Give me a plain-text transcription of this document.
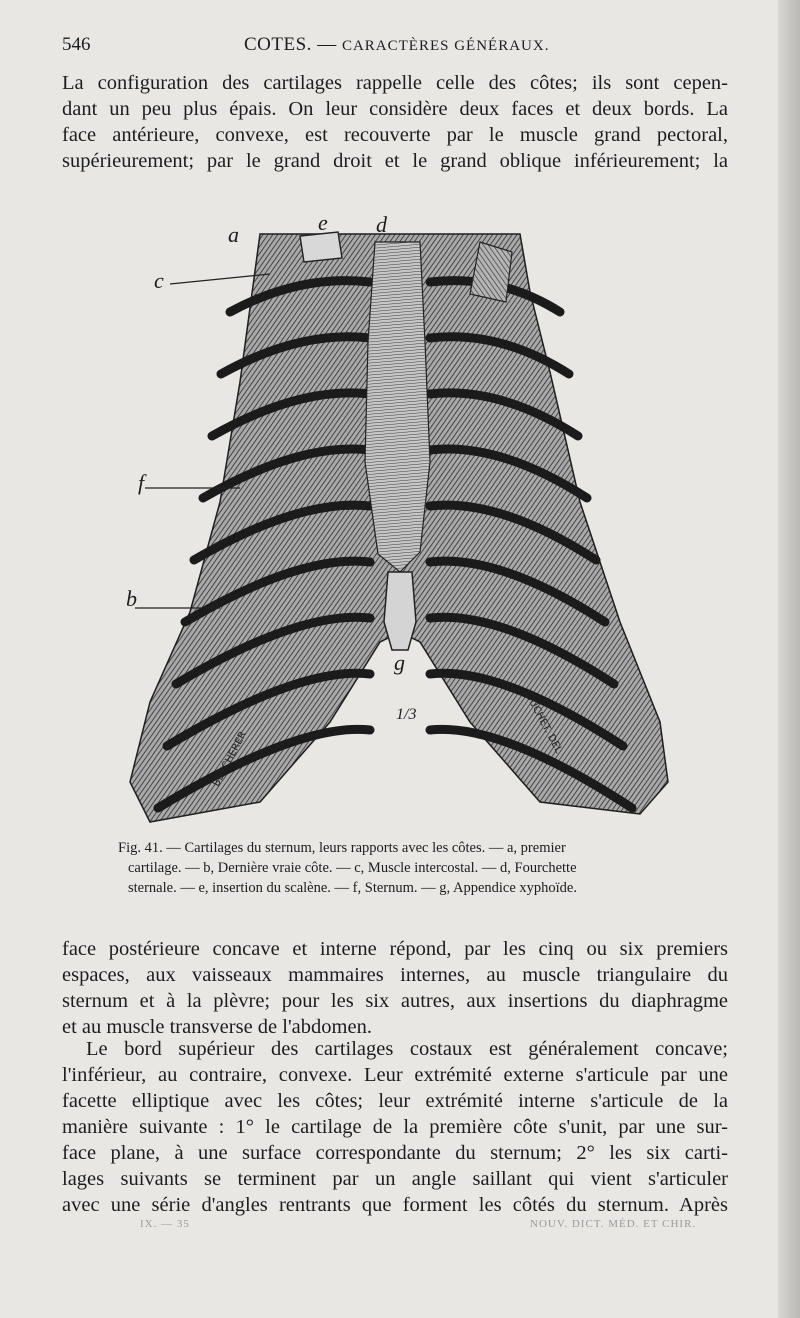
546	COTES. — CARACTÈRES GÉNÉRAUX.

La configuration des cartilages rappelle celle des côtes; ils sont cepen-
dant un peu plus épais. On leur considère deux faces et deux bords. La
face antérieure, convexe, est recouverte par le muscle grand pectoral,
supérieurement; par le grand droit et le grand oblique inférieurement; la

BESCHERER
JOUCHET. DEL
a	e d
c
f
b
g
1/3
Fig. 41. — Cartilages du sternum, leurs rapports avec les côtes. — a, premier
cartilage. — b, Dernière vraie côte. — c, Muscle intercostal. — d, Fourchette
sternale. — e, insertion du scalène. — f, Sternum. — g, Appendice xyphoïde.

face postérieure concave et interne répond, par les cinq ou six premiers
espaces, aux vaisseaux mammaires internes, au muscle triangulaire du
sternum et à la plèvre; pour les six autres, aux insertions du diaphragme
et au muscle transverse de l'abdomen.

Le bord supérieur des cartilages costaux est généralement concave;
l'inférieur, au contraire, convexe. Leur extrémité externe s'articule par une
facette elliptique avec les côtes; leur extrémité interne s'articule de la
manière suivante : 1° le cartilage de la première côte s'unit, par une sur-
face plane, à une surface correspondante du sternum; 2° les six carti-
lages suivants se terminent par un angle saillant qui vient s'articuler
avec une série d'angles rentrants que forment les côtés du sternum. Après

IX. — 35	NOUV. DICT. MÉD. ET CHIR.
